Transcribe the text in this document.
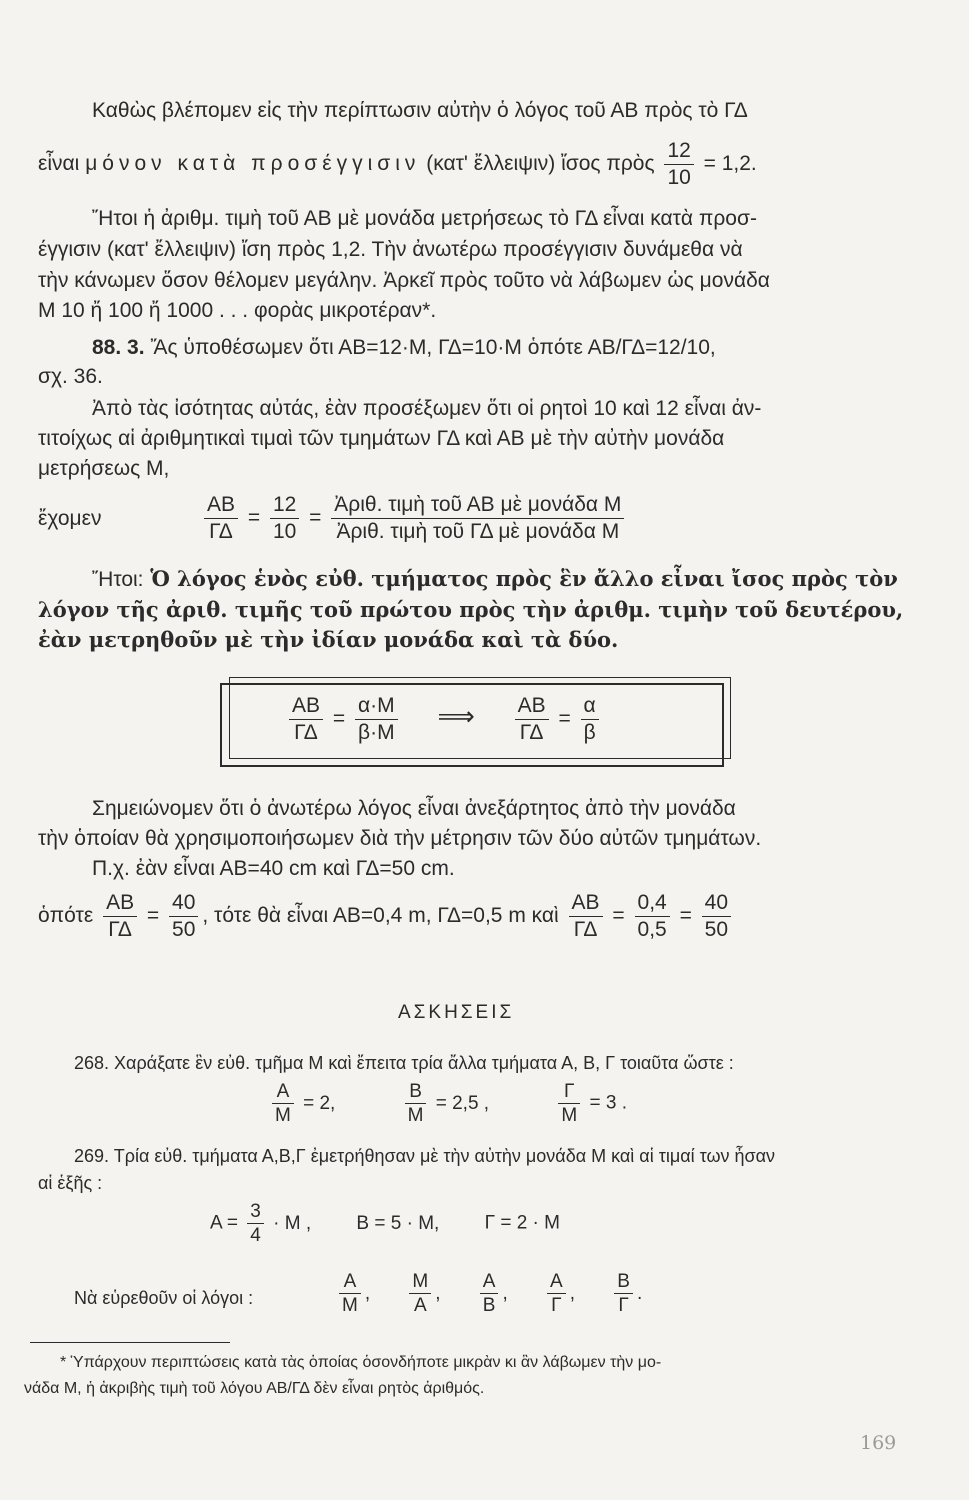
Καθὼς βλέπομεν εἰς τὴν περίπτωσιν αὐτὴν ὁ λόγος τοῦ ΑΒ πρὸς τὸ ΓΔ
εἶναι μόνον κατὰ προσέγγισιν (κατ' ἔλλειψιν) ἴσος πρὸς $\frac{12}{10} = 1,2$.
Ἤτοι ἡ ἀριθμ. τιμὴ τοῦ ΑΒ μὲ μονάδα μετρήσεως τὸ ΓΔ εἶναι κατὰ προσ-
έγγισιν (κατ' ἔλλειψιν) ἴση πρὸς 1,2. Τὴν ἀνωτέρω προσέγγισιν δυνάμεθα νὰ
τὴν κάνωμεν ὅσον θέλομεν μεγάλην. Ἀρκεῖ πρὸς τοῦτο νὰ λάβωμεν ὡς μονάδα
Μ 10 ἤ 100 ἤ 1000 . . . φορὰς μικροτέραν*.
88. 3. Ἄς ὑποθέσωμεν ὅτι ΑΒ=12·Μ, ΓΔ=10·Μ ὁπότε ΑΒ/ΓΔ=12/10,
σχ. 36.
Ἀπὸ τὰς ἰσότητας αὐτάς, ἐὰν προσέξωμεν ὅτι οἱ ρητοὶ 10 καὶ 12 εἶναι ἀν-
τιτοίχως αἱ ἀριθμητικαὶ τιμαὶ τῶν τμημάτων ΓΔ καὶ ΑΒ μὲ τὴν αὐτὴν μονάδα
μετρήσεως Μ,
ἔχομεν	$\frac{AB}{\Gamma\Delta} = \frac{12}{10} = \frac{\text{Ἀριθ. τιμὴ τοῦ ΑΒ μὲ μονάδα Μ}}{\text{Ἀριθ. τιμὴ τοῦ ΓΔ μὲ μονάδα Μ}}$
Ἤτοι: Ὁ λόγος ἑνὸς εὐθ. τμήματος πρὸς ἓν ἄλλο εἶναι ἴσος πρὸς τὸν
λόγον τῆς ἀριθ. τιμῆς τοῦ πρώτου πρὸς τὴν ἀριθμ. τιμὴν τοῦ δευτέρου,
ἐὰν μετρηθοῦν μὲ τὴν ἰδίαν μονάδα καὶ τὰ δύο.
$\frac{AB}{\Gamma\Delta} = \frac{\alpha\cdot M}{\beta\cdot M}$ ⟹ $\frac{AB}{\Gamma\Delta} = \frac{\alpha}{\beta}$
Σημειώνομεν ὅτι ὁ ἀνωτέρω λόγος εἶναι ἀνεξάρτητος ἀπὸ τὴν μονάδα
τὴν ὁποίαν θὰ χρησιμοποιήσωμεν διὰ τὴν μέτρησιν τῶν δύο αὐτῶν τμημάτων.
Π.χ. ἐὰν εἶναι ΑΒ=40 cm καὶ ΓΔ=50 cm.
ὁπότε $\frac{AB}{\Gamma\Delta} = \frac{40}{50}$ , τότε θὰ εἶναι ΑΒ=0,4 m, ΓΔ=0,5 m καὶ $\frac{AB}{\Gamma\Delta} = \frac{0,4}{0,5} = \frac{40}{50}$
ΑΣΚΗΣΕΙΣ
268. Χαράξατε ἓν εὐθ. τμῆμα Μ καὶ ἔπειτα τρία ἄλλα τμήματα Α, Β, Γ τοιαῦτα ὥστε :
$\frac{A}{M} = 2$,	$\frac{B}{M} = 2,5$ ,	$\frac{\Gamma}{M} = 3$ .
269. Τρία εὐθ. τμήματα Α,Β,Γ ἐμετρήθησαν μὲ τὴν αὐτὴν μονάδα Μ καὶ αἱ τιμαί των ἦσαν
αἱ ἑξῆς :
$A = \frac{3}{4} \cdot M$ , Β = 5 · Μ, Γ = 2 · Μ
Νὰ εὑρεθοῦν οἱ λόγοι :	$\frac{A}{M}$ , $\frac{M}{A}$ , $\frac{A}{B}$ , $\frac{A}{\Gamma}$ , $\frac{B}{\Gamma}$ .
* Ὑπάρχουν περιπτώσεις κατὰ τὰς ὁποίας ὁσονδήποτε μικρὰν κι ἂν λάβωμεν τὴν μο-
νάδα Μ, ἡ ἀκριβὴς τιμὴ τοῦ λόγου ΑΒ/ΓΔ δὲν εἶναι ρητὸς ἀριθμός.
169
